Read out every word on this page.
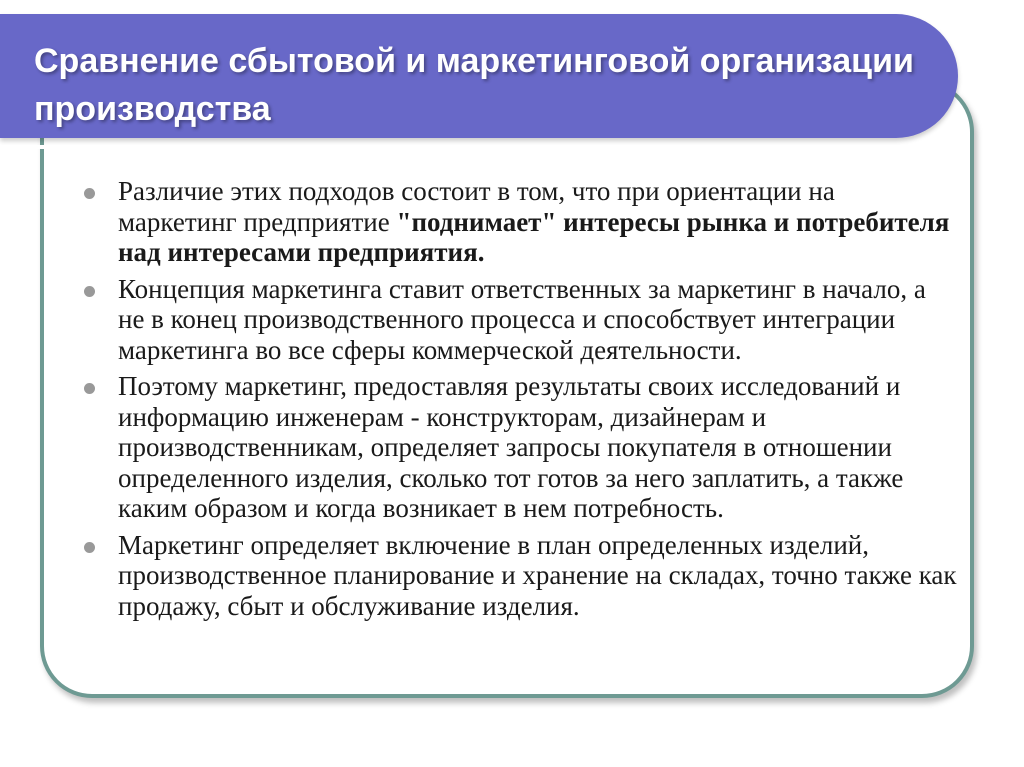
Сравнение сбытовой и маркетинговой организации производства
Различие этих подходов состоит в том, что при ориентации на маркетинг предприятие "поднимает" интересы рынка и потребителя над интересами предприятия.
Концепция маркетинга ставит ответственных за маркетинг в начало, а не в конец производственного процесса и способствует интеграции маркетинга во все сферы коммерческой деятельности.
Поэтому маркетинг, предоставляя результаты своих исследований и информацию инженерам - конструкторам, дизайнерам и производственникам, определяет запросы покупателя в отношении определенного изделия, сколько тот готов за него заплатить, а также каким образом и когда возникает в нем потребность.
Маркетинг определяет включение в план определенных изделий, производственное планирование и хранение на складах, точно также как продажу, сбыт и обслуживание изделия.
